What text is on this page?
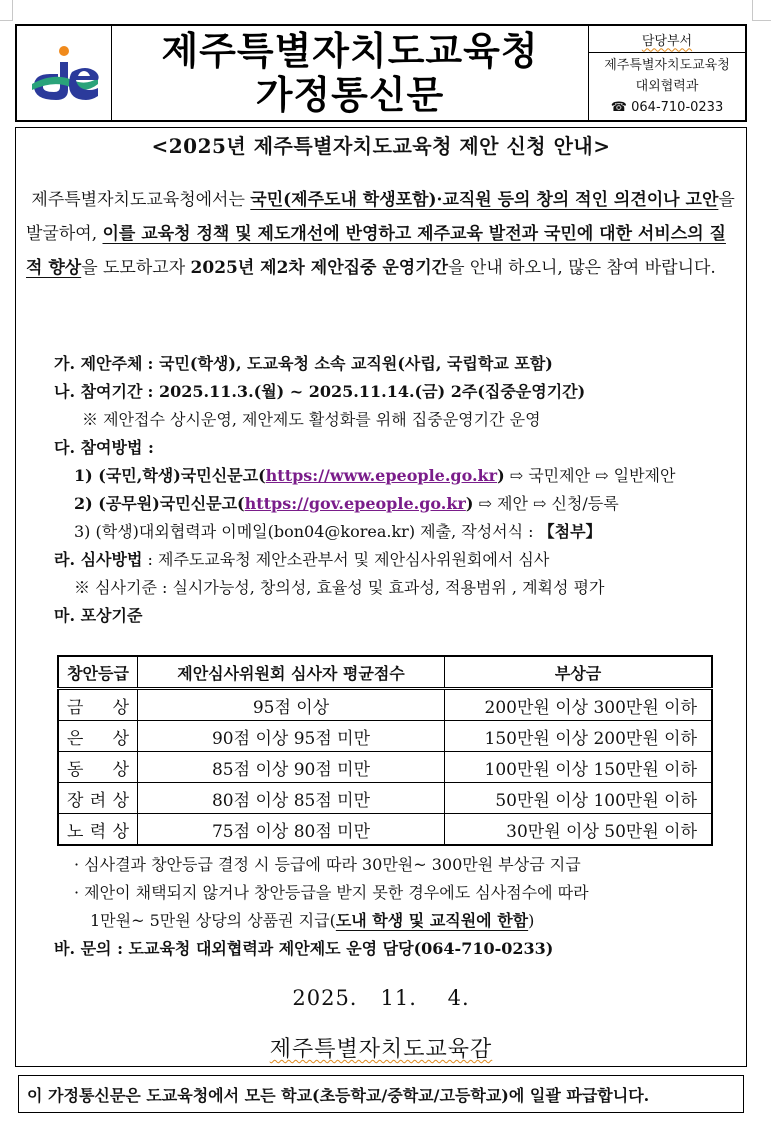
제주특별자치도교육청
가정통신문
담당부서
제주특별자치도교육청
대외협력과
☎ 064-710-0233
<2025년 제주특별자치도교육청 제안 신청 안내>

제주특별자치도교육청에서는 국민(제주도내 학생포함)·교직원 등의 창의 적인 의견이나 고안을 발굴하여, 이를 교육청 정책 및 제도개선에 반영하고 제주교육 발전과 국민에 대한 서비스의 질적 향상을 도모하고자 2025년 제2차 제안집중 운영기간을 안내 하오니, 많은 참여 바랍니다.

가. 제안주체 : 국민(학생), 도교육청 소속 교직원(사립, 국립학교 포함)
나. 참여기간 : 2025.11.3.(월) ~ 2025.11.14.(금) 2주(집중운영기간)
※ 제안접수 상시운영, 제안제도 활성화를 위해 집중운영기간 운영
다. 참여방법 :
1) (국민,학생)국민신문고(https://www.epeople.go.kr) ⇨ 국민제안 ⇨ 일반제안
2) (공무원)국민신문고(https://gov.epeople.go.kr) ⇨ 제안 ⇨ 신청/등록
3) (학생)대외협력과 이메일(bon04@korea.kr) 제출, 작성서식 : 【첨부】
라. 심사방법 : 제주도교육청 제안소관부서 및 제안심사위원회에서 심사
※ 심사기준 : 실시가능성, 창의성, 효율성 및 효과성, 적용범위 , 계획성 평가
마. 포상기준
창안등급	제안심사위원회 심사자 평균점수	부상금
금 상	95점 이상	200만원 이상 300만원 이하
은 상	90점 이상 95점 미만	150만원 이상 200만원 이하
동 상	85점 이상 90점 미만	100만원 이상 150만원 이하
장 려 상	80점 이상 85점 미만	50만원 이상 100만원 이하
노 력 상	75점 이상 80점 미만	30만원 이상 50만원 이하
· 심사결과 창안등급 결정 시 등급에 따라 30만원~ 300만원 부상금 지급
· 제안이 채택되지 않거나 창안등급을 받지 못한 경우에도 심사점수에 따라
1만원~ 5만원 상당의 상품권 지급(도내 학생 및 교직원에 한함)
바. 문의 : 도교육청 대외협력과 제안제도 운영 담당(064-710-0233)
2025.   11.    4.
제주특별자치도교육감
이 가정통신문은 도교육청에서 모든 학교(초등학교/중학교/고등학교)에 일괄 파급합니다.
